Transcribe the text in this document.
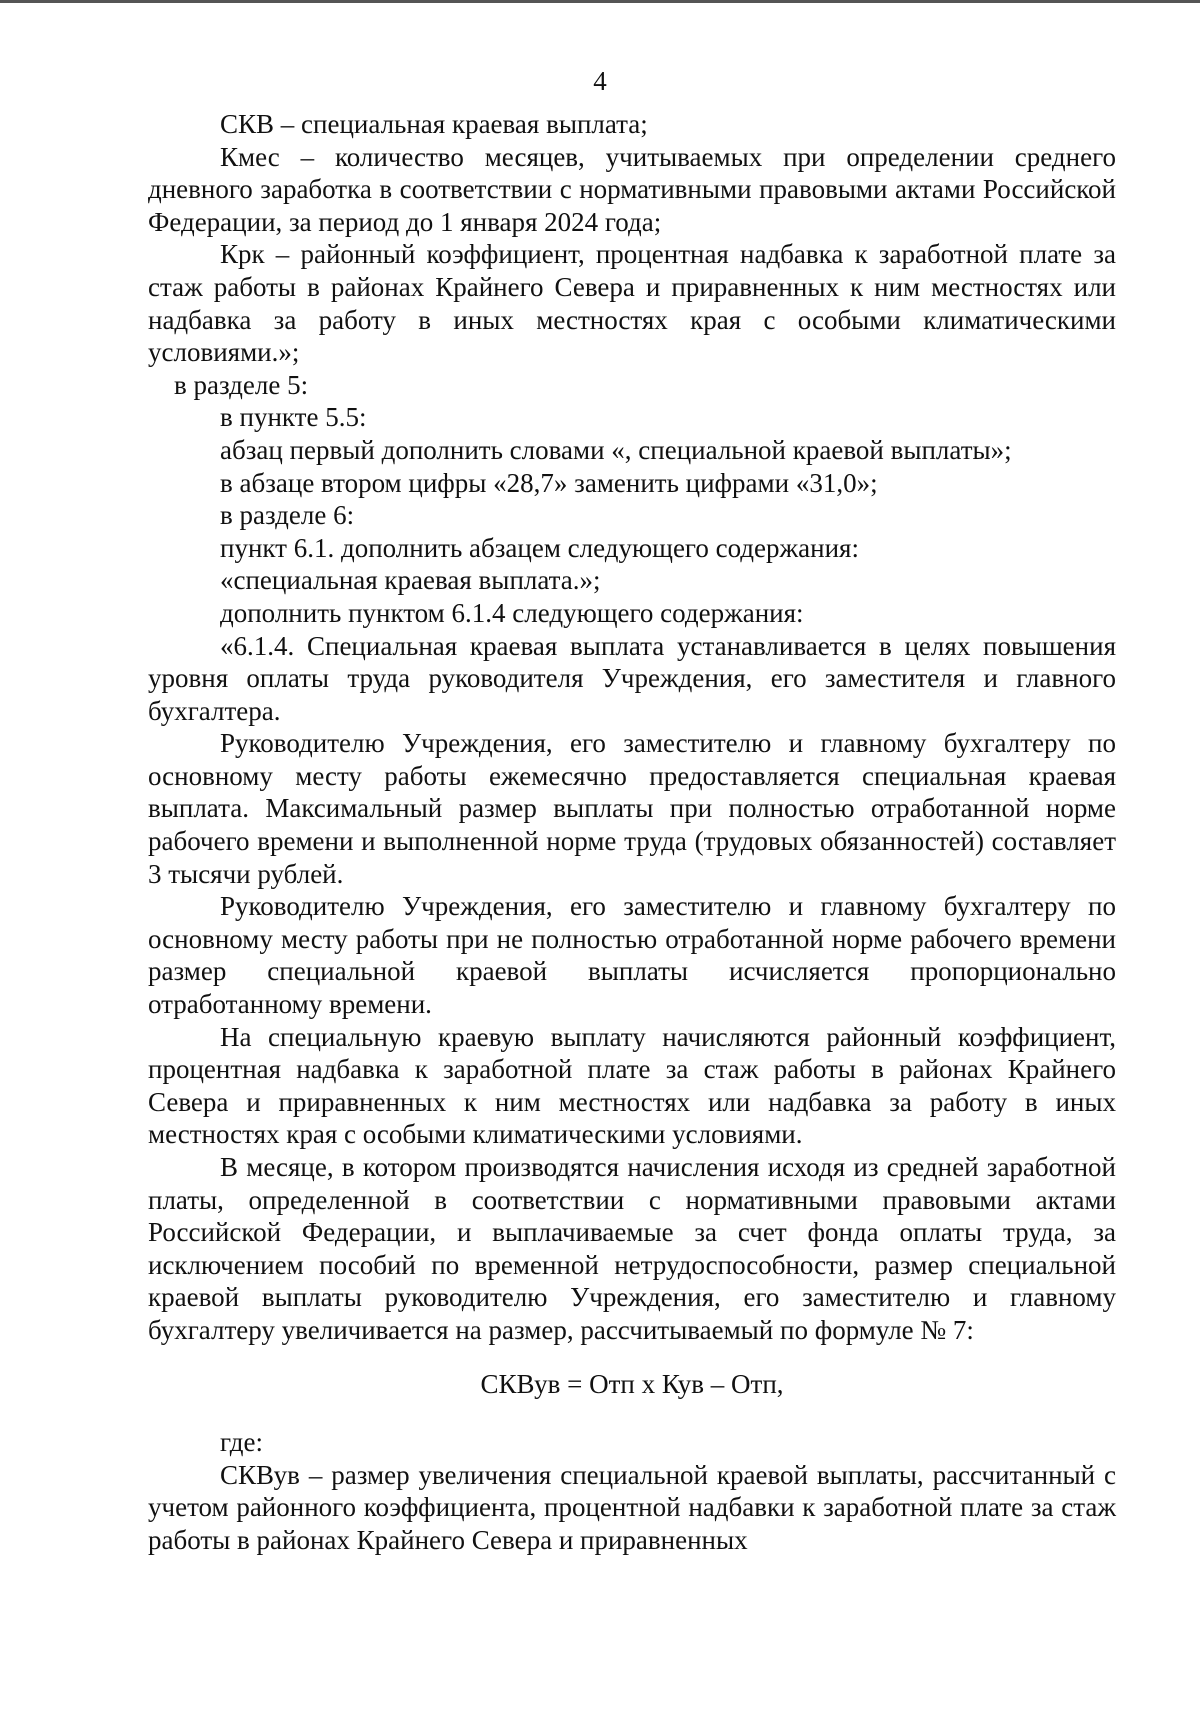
4

СКВ – специальная краевая выплата;

Кмес – количество месяцев, учитываемых при определении среднего дневного заработка в соответствии с нормативными правовыми актами Российской Федерации, за период до 1 января 2024 года;

Крк – районный коэффициент, процентная надбавка к заработной плате за стаж работы в районах Крайнего Севера и приравненных к ним местностях или надбавка за работу в иных местностях края с особыми климатическими условиями.»;

в разделе 5:

в пункте 5.5:

абзац первый дополнить словами «, специальной краевой выплаты»;

в абзаце втором цифры «28,7» заменить цифрами «31,0»;

в разделе 6:

пункт 6.1. дополнить абзацем следующего содержания:

«специальная краевая выплата.»;

дополнить пунктом 6.1.4 следующего содержания:

«6.1.4. Специальная краевая выплата устанавливается в целях повышения уровня оплаты труда руководителя Учреждения, его заместителя и главного бухгалтера.

Руководителю Учреждения, его заместителю и главному бухгалтеру по основному месту работы ежемесячно предоставляется специальная краевая выплата. Максимальный размер выплаты при полностью отработанной норме рабочего времени и выполненной норме труда (трудовых обязанностей) составляет 3 тысячи рублей.

Руководителю Учреждения, его заместителю и главному бухгалтеру по основному месту работы при не полностью отработанной норме рабочего времени размер специальной краевой выплаты исчисляется пропорционально отработанному времени.

На специальную краевую выплату начисляются районный коэффициент, процентная надбавка к заработной плате за стаж работы в районах Крайнего Севера и приравненных к ним местностях или надбавка за работу в иных местностях края с особыми климатическими условиями.

В месяце, в котором производятся начисления исходя из средней заработной платы, определенной в соответствии с нормативными правовыми актами Российской Федерации, и выплачиваемые за счет фонда оплаты труда, за исключением пособий по временной нетрудоспособности, размер специальной краевой выплаты руководителю Учреждения, его заместителю и главному бухгалтеру увеличивается на размер, рассчитываемый по формуле № 7:

СКВув = Отп х Кув – Отп,

где:

СКВув – размер увеличения специальной краевой выплаты, рассчитанный с учетом районного коэффициента, процентной надбавки к заработной плате за стаж работы в районах Крайнего Севера и приравненных
